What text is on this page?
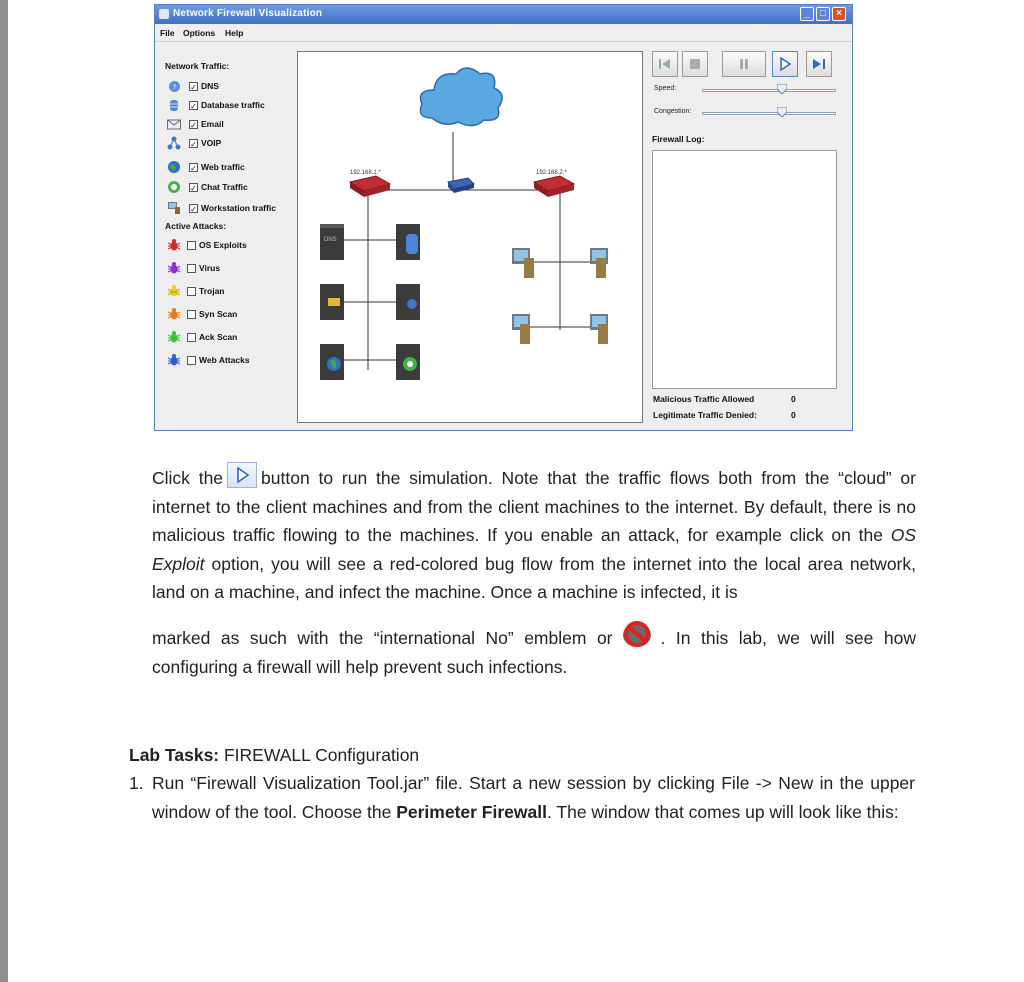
Network Firewall Visualization	_	□	×
File Options Help
Network Traffic:
? ✓ DNS
✓ Database traffic
✓ Email
✓ VOIP
✓ Web traffic
✓ Chat Traffic
✓ Workstation traffic
Active Attacks:
OS Exploits
Virus
Trojan
Syn Scan
Ack Scan
Web Attacks
192.168.1.*	192.168.2.*
DNS
Speed:
Congestion:
Firewall Log:
Malicious Traffic Allowed	0
Legitimate Traffic Denied:	0

Click the button to run the simulation. Note that the traffic flows both from the “cloud” or internet to the client machines and from the client machines to the internet. By default, there is no malicious traffic flowing to the machines. If you enable an attack, for example click on the OS Exploit option, you will see a red-colored bug flow from the internet into the local area network, land on a machine, and infect the machine. Once a machine is infected, it is

marked as such with the “international No” emblem or	. In this lab, we will see how configuring a firewall will help prevent such infections.

Lab Tasks: FIREWALL Configuration
1. Run “Firewall Visualization Tool.jar” file. Start a new session by clicking File -> New in the upper window of the tool. Choose the Perimeter Firewall. The window that comes up will look like this:
